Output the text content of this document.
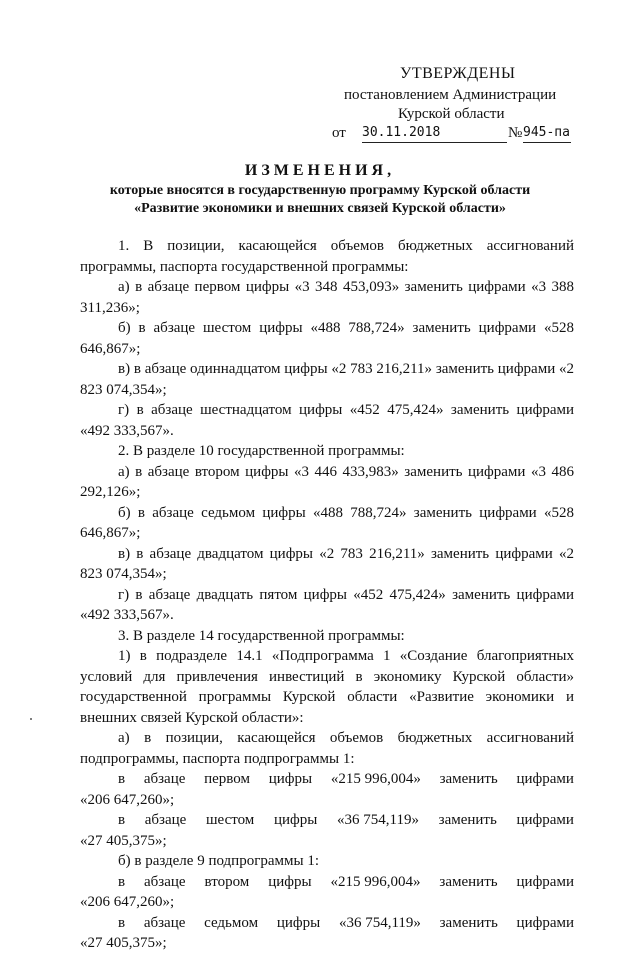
УТВЕРЖДЕНЫ
постановлением Администрации
Курской области
от 30.11.2018	№ 945-па
ИЗМЕНЕНИЯ,
которые вносятся в государственную программу Курской области
«Развитие экономики и внешних связей Курской области»

1. В позиции, касающейся объемов бюджетных ассигнований программы, паспорта государственной программы:

а) в абзаце первом цифры «3 348 453,093» заменить цифрами «3 388 311,236»;

б) в абзаце шестом цифры «488 788,724» заменить цифрами «528 646,867»;

в) в абзаце одиннадцатом цифры «2 783 216,211» заменить цифрами «2 823 074,354»;

г) в абзаце шестнадцатом цифры «452 475,424» заменить цифрами «492 333,567».

2. В разделе 10 государственной программы:

а) в абзаце втором цифры «3 446 433,983» заменить цифрами «3 486 292,126»;

б) в абзаце седьмом цифры «488 788,724» заменить цифрами «528 646,867»;

в) в абзаце двадцатом цифры «2 783 216,211» заменить цифрами «2 823 074,354»;

г) в абзаце двадцать пятом цифры «452 475,424» заменить цифрами «492 333,567».

3. В разделе 14 государственной программы:

1) в подразделе 14.1 «Подпрограмма 1 «Создание благоприятных условий для привлечения инвестиций в экономику Курской области» государственной программы Курской области «Развитие экономики и внешних связей Курской области»:

а) в позиции, касающейся объемов бюджетных ассигнований подпрограммы, паспорта подпрограммы 1:

в абзаце первом цифры «215 996,004» заменить цифрами

«206 647,260»;

в абзаце шестом цифры «36 754,119» заменить цифрами

«27 405,375»;

б) в разделе 9 подпрограммы 1:

в абзаце втором цифры «215 996,004» заменить цифрами

«206 647,260»;

в абзаце седьмом цифры «36 754,119» заменить цифрами

«27 405,375»;
